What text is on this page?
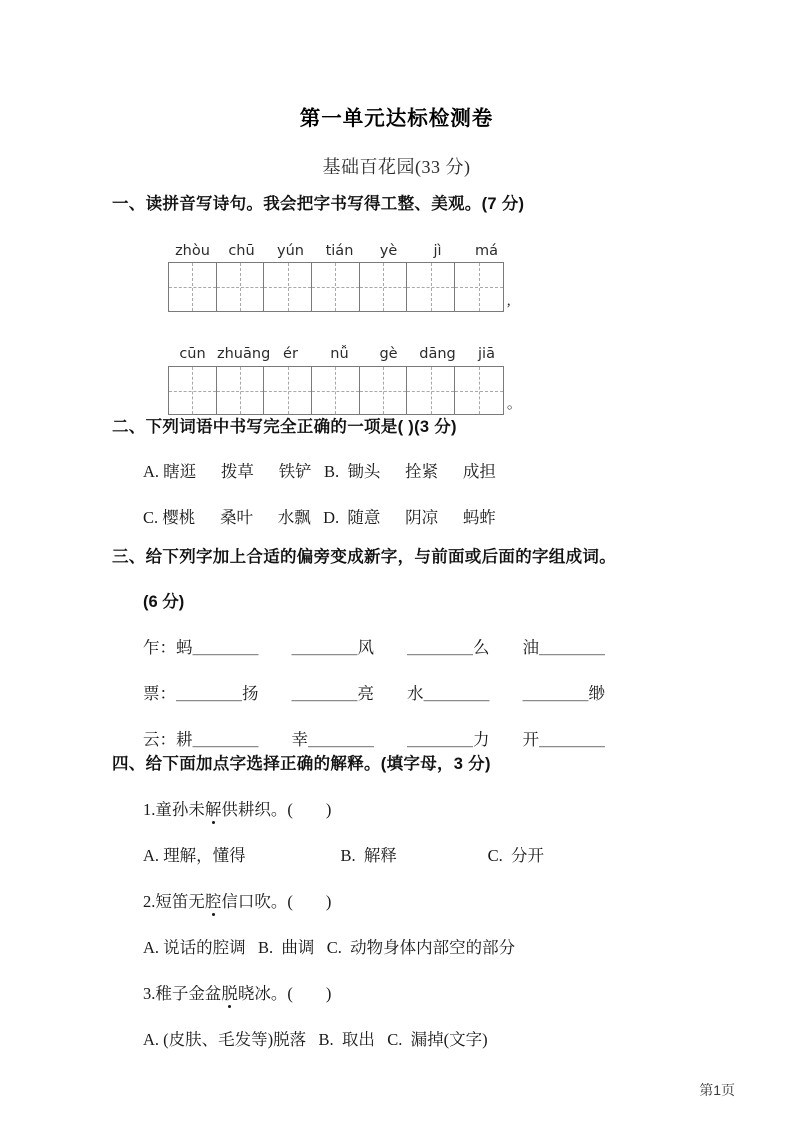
第一单元达标检测卷
基础百花园(33 分)
一、读拼音写诗句。我会把字书写得工整、美观。(7 分)
zhòu	chū	yún	tián	yè	jì	má
,
cūn zhuāng ér	nǚ	gè	dāng	jiā
。
二、下列词语中书写完全正确的一项是( )(3 分)
A. 瞎逛      拨草      铁铲   B.  锄头      拴紧      成担
C. 樱桃      桑叶      水飘   D.  随意      阴凉      蚂蚱
三、给下列字加上合适的偏旁变成新字，与前面或后面的字组成词。
(6 分)
乍：蚂＿＿＿＿　　＿＿＿＿风　　＿＿＿＿么　　油＿＿＿＿
票：＿＿＿＿扬　　＿＿＿＿亮　　水＿＿＿＿　　＿＿＿＿缈
云：耕＿＿＿＿　　幸＿＿＿＿　　＿＿＿＿力　　开＿＿＿＿
四、给下面加点字选择正确的解释。(填字母，3 分)
1.童孙未解供耕织。(        )
A. 理解，懂得                       B.  解释                      C.  分开
2.短笛无腔信口吹。(        )
A. 说话的腔调   B.  曲调   C.  动物身体内部空的部分
3.稚子金盆脱晓冰。(        )
A. (皮肤、毛发等)脱落   B.  取出   C.  漏掉(文字)
第1页
